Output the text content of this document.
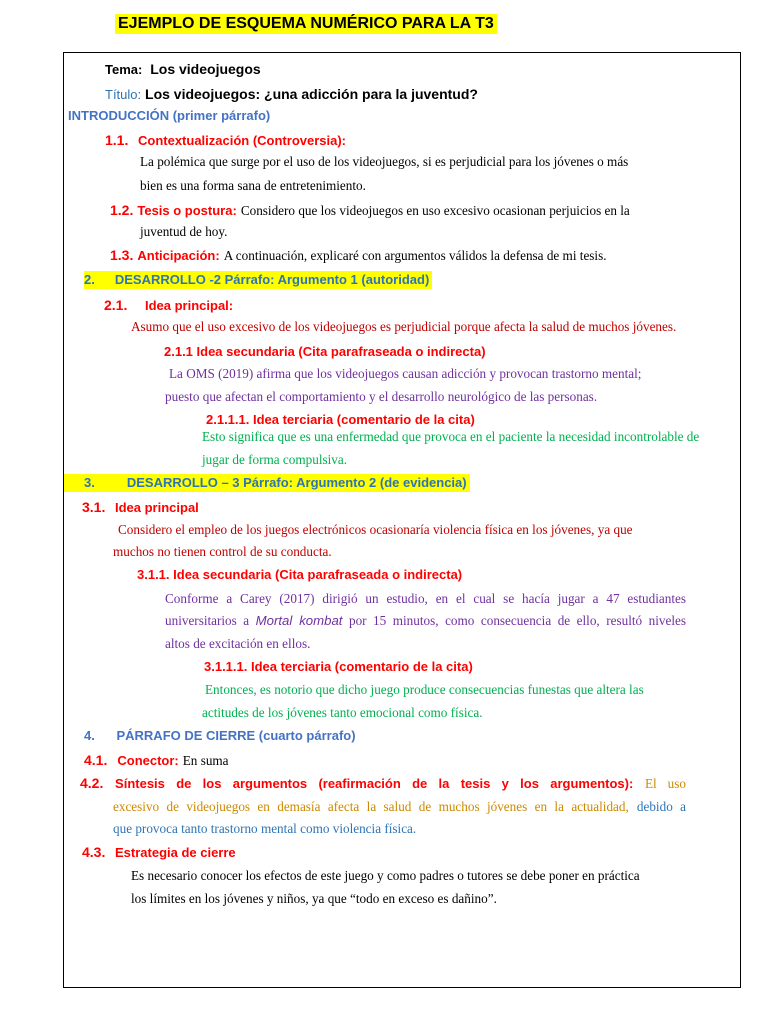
EJEMPLO DE ESQUEMA NUMÉRICO PARA LA T3
Tema: Los videojuegos
Título: Los videojuegos: ¿una adicción para la juventud?
INTRODUCCIÓN (primer párrafo)
1.1. Contextualización (Controversia):
La polémica que surge por el uso de los videojuegos, si es perjudicial para los jóvenes o más
bien es una forma sana de entretenimiento.
1.2. Tesis o postura: Considero que los videojuegos en uso excesivo ocasionan perjuicios en la
juventud de hoy.
1.3. Anticipación: A continuación, explicaré con argumentos válidos la defensa de mi tesis.
2. DESARROLLO -2 Párrafo: Argumento 1 (autoridad)
2.1. Idea principal:
Asumo que el uso excesivo de los videojuegos es perjudicial porque afecta la salud de muchos jóvenes.
2.1.1 Idea secundaria (Cita parafraseada o indirecta)
La OMS (2019) afirma que los videojuegos causan adicción y provocan trastorno mental;
puesto que afectan el comportamiento y el desarrollo neurológico de las personas.
2.1.1.1. Idea terciaria (comentario de la cita)
Esto significa que es una enfermedad que provoca en el paciente la necesidad incontrolable de
jugar de forma compulsiva.
3. DESARROLLO – 3 Párrafo: Argumento 2 (de evidencia)
3.1. Idea principal
Considero el empleo de los juegos electrónicos ocasionaría violencia física en los jóvenes, ya que
muchos no tienen control de su conducta.
3.1.1. Idea secundaria (Cita parafraseada o indirecta)
Conforme a Carey (2017) dirigió un estudio, en el cual se hacía jugar a 47 estudiantes
universitarios a Mortal kombat por 15 minutos, como consecuencia de ello, resultó niveles
altos de excitación en ellos.
3.1.1.1. Idea terciaria (comentario de la cita)
Entonces, es notorio que dicho juego produce consecuencias funestas que altera las
actitudes de los jóvenes tanto emocional como física.
4. PÁRRAFO DE CIERRE (cuarto párrafo)
4.1. Conector: En suma
4.2. Síntesis de los argumentos (reafirmación de la tesis y los argumentos): El uso
excesivo de videojuegos en demasía afecta la salud de muchos jóvenes en la actualidad, debido a
que provoca tanto trastorno mental como violencia física.
4.3. Estrategia de cierre
Es necesario conocer los efectos de este juego y como padres o tutores se debe poner en práctica
los límites en los jóvenes y niños, ya que “todo en exceso es dañino”.
